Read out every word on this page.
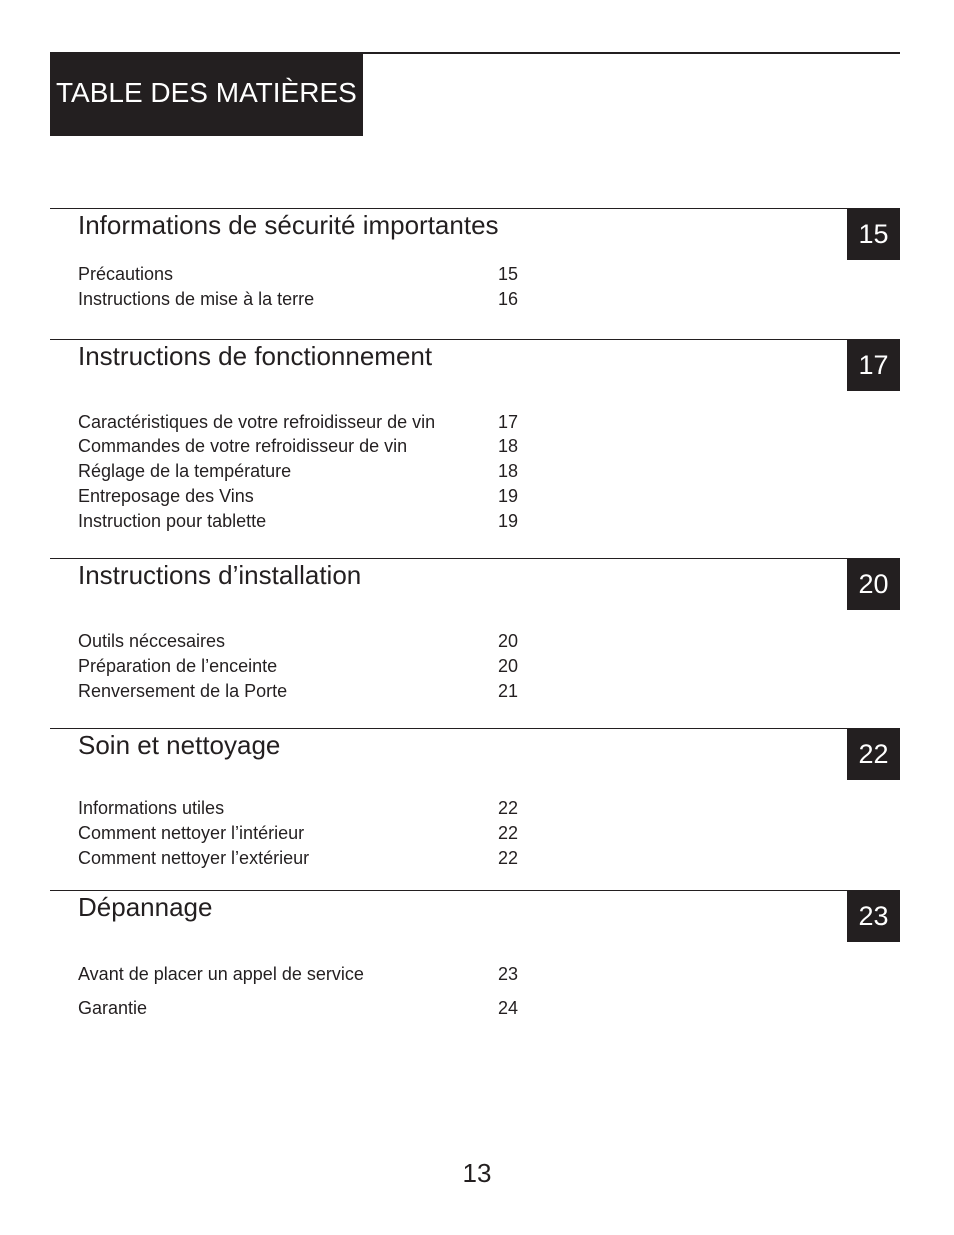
TABLE DES MATIÈRES
Informations de sécurité importantes	15
Précautions	15
Instructions de mise à la terre	16
Instructions de fonctionnement	17
Caractéristiques de votre refroidisseur de vin	17
Commandes de votre refroidisseur de vin	18
Réglage de la température	18
Entreposage des Vins	19
Instruction pour tablette	19
Instructions d’installation	20
Outils néccesaires	20
Préparation de l’enceinte	20
Renversement de la Porte	21
Soin et nettoyage	22
Informations utiles	22
Comment nettoyer l’intérieur	22
Comment nettoyer l’extérieur	22
Dépannage	23
Avant de placer un appel de service	23
Garantie	24
13
